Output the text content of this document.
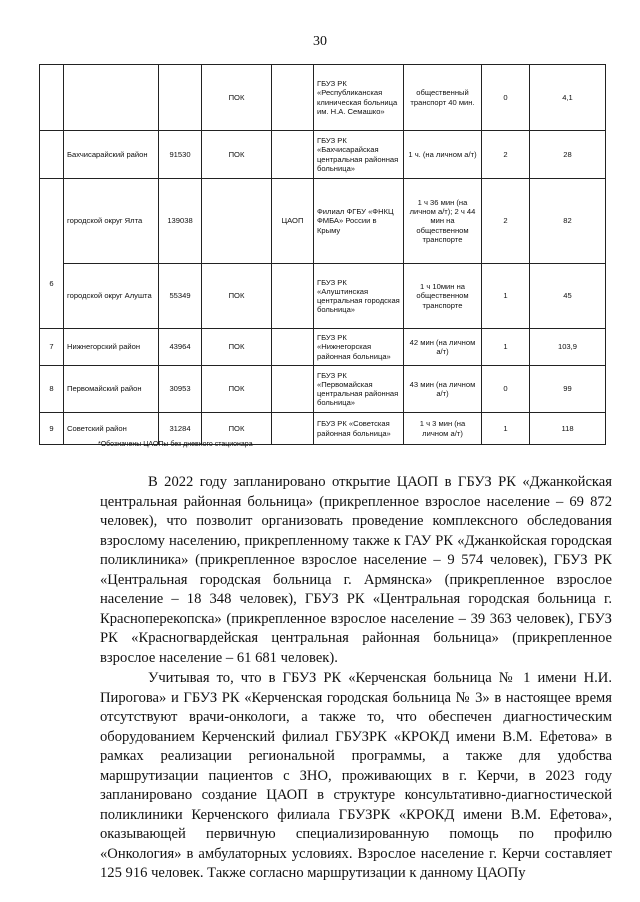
30
			ПОК		ГБУЗ РК «Республиканская клиническая больница им. Н.А. Семашко»	общественный транспорт 40 мин.	0	4,1
	Бахчисарайский район	91530	ПОК		ГБУЗ РК «Бахчисарайская центральная районная больница»	1 ч. (на личном а/т)	2	28
6	городской округ Ялта	139038		ЦАОП	Филиал ФГБУ «ФНКЦ ФМБА» России в Крыму	1 ч 36 мин (на личном а/т); 2 ч 44 мин на общественном транспорте	2	82
	городской округ Алушта	55349	ПОК		ГБУЗ РК «Алуштинская центральная городская больница»	1 ч 10мин на общественном транспорте	1	45
7	Нижнегорский район	43964	ПОК		ГБУЗ РК «Нижнегорская районная больница»	42 мин (на личном а/т)	1	103,9
8	Первомайский район	30953	ПОК		ГБУЗ РК «Первомайская центральная районная больница»	43 мин (на личном а/т)	0	99
9	Советский район	31284	ПОК		ГБУЗ РК «Советская районная больница»	1 ч 3 мин (на личном а/т)	1	118
*Обозначены ЦАОПы без дневного стационара

В 2022 году запланировано открытие ЦАОП в ГБУЗ РК «Джанкойская центральная районная больница» (прикрепленное взрослое население – 69 872 человек), что позволит организовать проведение комплексного обследования взрослому населению, прикрепленному также к ГАУ РК «Джанкойская городская поликлиника» (прикрепленное взрослое население – 9 574 человек), ГБУЗ РК «Центральная городская больница г. Армянска» (прикрепленное взрослое население – 18 348 человек), ГБУЗ РК «Центральная городская больница г. Красноперекопска» (прикрепленное взрослое население – 39 363 человек), ГБУЗ РК «Красногвардейская центральная районная больница» (прикрепленное взрослое население – 61 681 человек).

Учитывая то, что в ГБУЗ РК «Керченская больница № 1 имени Н.И. Пирогова» и ГБУЗ РК «Керченская городская больница № 3» в настоящее время отсутствуют врачи-онкологи, а также то, что обеспечен диагностическим оборудованием Керченский филиал ГБУЗРК «КРОКД имени В.М. Ефетова» в рамках реализации региональной программы, а также для удобства маршрутизации пациентов с ЗНО, проживающих в г. Керчи, в 2023 году запланировано создание ЦАОП в структуре консультативно-диагностической поликлиники Керченского филиала ГБУЗРК «КРОКД имени В.М. Ефетова», оказывающей первичную специализированную помощь по профилю «Онкология» в амбулаторных условиях. Взрослое население г. Керчи составляет 125 916 человек. Также согласно маршрутизации к данному ЦАОПу
